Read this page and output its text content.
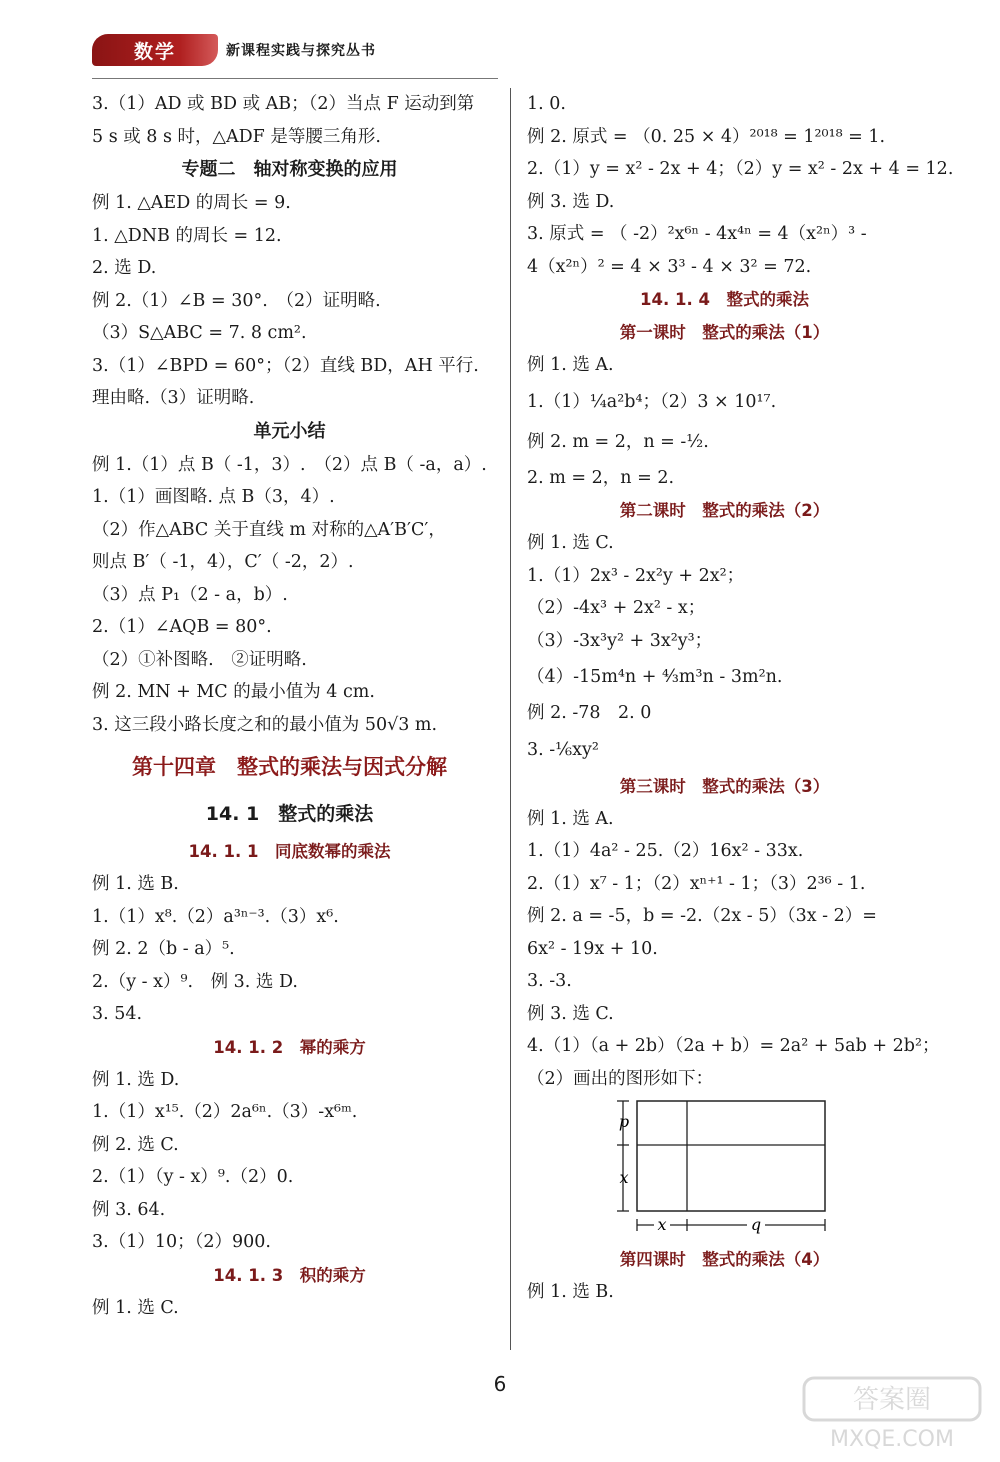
数学	新课程实践与探究丛书
3.（1）AD 或 BD 或 AB；（2）当点 F 运动到第
5 s 或 8 s 时，△ADF 是等腰三角形.
专题二　轴对称变换的应用
例 1. △AED 的周长 = 9.
1. △DNB 的周长 = 12.
2. 选 D.
例 2.（1）∠B = 30°.　（2）证明略.
（3）S△ABC = 7. 8 cm².
3.（1）∠BPD = 60°；（2）直线 BD，AH 平行.
理由略.（3）证明略.
单元小结
例 1.（1）点 B（ -1，3）.　（2）点 B（ -a，a）.
1.（1）画图略. 点 B（3，4）.
（2）作△ABC 关于直线 m 对称的△A′B′C′，
则点 B′（ -1，4），C′（ -2，2）.
（3）点 P₁（2 - a，b）.
2.（1）∠AQB = 80°.
（2）①补图略.　②证明略.
例 2. MN + MC 的最小值为 4 cm.
3. 这三段小路长度之和的最小值为 50√3 m.
第十四章　整式的乘法与因式分解
14. 1　整式的乘法
14. 1. 1　同底数幂的乘法
例 1. 选 B.
1.（1）x⁸.（2）a³ⁿ⁻³.（3）x⁶.
例 2. 2（b - a）⁵.
2.（y - x）⁹.　例 3. 选 D.
3. 54.
14. 1. 2　幂的乘方
例 1. 选 D.
1.（1）x¹⁵.（2）2a⁶ⁿ.（3）-x⁶ᵐ.
例 2. 选 C.
2.（1）（y - x）⁹.（2）0.
例 3. 64.
3.（1）10；（2）900.
14. 1. 3　积的乘方
例 1. 选 C.
1. 0.
例 2. 原式 = （0. 25 × 4）²⁰¹⁸ = 1²⁰¹⁸ = 1.
2.（1）y = x² - 2x + 4；（2）y = x² - 2x + 4 = 12.
例 3. 选 D.
3. 原式 = （ -2）²x⁶ⁿ - 4x⁴ⁿ = 4（x²ⁿ）³ -
4（x²ⁿ）² = 4 × 3³ - 4 × 3² = 72.
14. 1. 4　整式的乘法
第一课时　整式的乘法（1）
例 1. 选 A.
1.（1）¼a²b⁴；（2）3 × 10¹⁷.
例 2. m = 2，n = -½.
2. m = 2，n = 2.
第二课时　整式的乘法（2）
例 1. 选 C.
1.（1）2x³ - 2x²y + 2x²；
（2）-4x³ + 2x² - x；
（3）-3x³y² + 3x²y³；
（4）-15m⁴n + ⁴⁄₃m³n - 3m²n.
例 2. -78　2. 0
3. -⅙xy²
第三课时　整式的乘法（3）
例 1. 选 A.
1.（1）4a² - 25.（2）16x² - 33x.
2.（1）x⁷ - 1；（2）xⁿ⁺¹ - 1；（3）2³⁶ - 1.
例 2. a = -5，b = -2.（2x - 5）（3x - 2）=
6x² - 19x + 10.
3. -3.
例 3. 选 C.
4.（1）（a + 2b）（2a + b）= 2a² + 5ab + 2b²；
（2）画出的图形如下：
p
x
x	q
第四课时　整式的乘法（4）
例 1. 选 B.
6
答案圈
MXQE.COM
